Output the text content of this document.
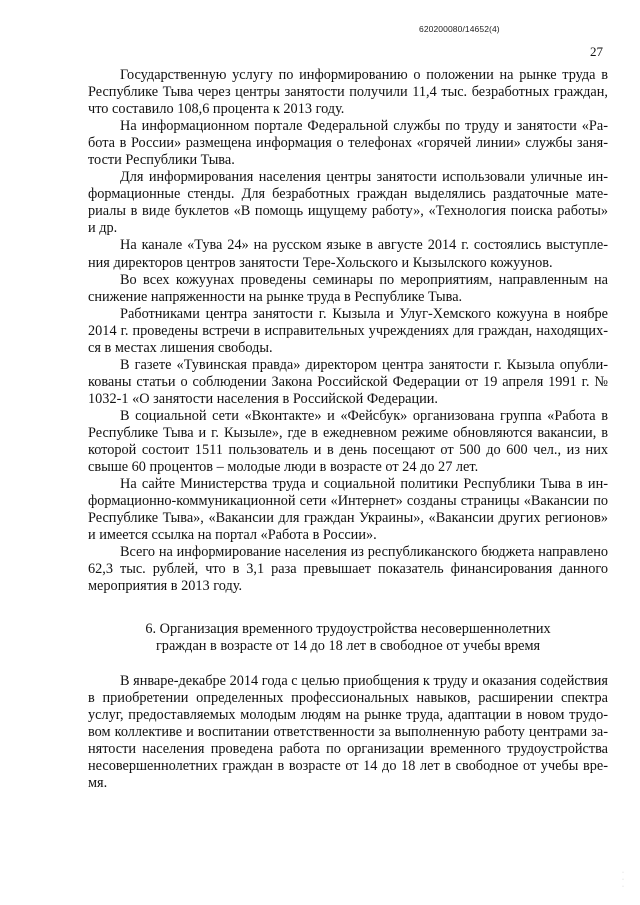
620200080/14652(4)
27

Государственную услугу по информированию о положении на рынке труда в Республике Тыва через центры занятости получили 11,4 тыс. безработных граждан, что составило 108,6 процента к 2013 году.

На информационном портале Федеральной службы по труду и занятости «Работа в России» размещена информация о телефонах «горячей линии» службы занятости Республики Тыва.

Для информирования населения центры занятости использовали уличные информационные стенды. Для безработных граждан выделялись раздаточные материалы в виде буклетов «В помощь ищущему работу», «Технология поиска работы» и др.

На канале «Тува 24» на русском языке в августе 2014 г. состоялись выступления директоров центров занятости Тере-Хольского и Кызылского кожуунов.

Во всех кожуунах проведены семинары по мероприятиям, направленным на снижение напряженности на рынке труда в Республике Тыва.

Работниками центра занятости г. Кызыла и Улуг-Хемского кожууна в ноябре 2014 г. проведены встречи в исправительных учреждениях для граждан, находящихся в местах лишения свободы.

В газете «Тувинская правда» директором центра занятости г. Кызыла опубликованы статьи о соблюдении Закона Российской Федерации от 19 апреля 1991 г. № 1032-1 «О занятости населения в Российской Федерации.

В социальной сети «Вконтакте» и «Фейсбук» организована группа «Работа в Республике Тыва и г. Кызыле», где в ежедневном режиме обновляются вакансии, в которой состоит 1511 пользователь и в день посещают от 500 до 600 чел., из них свыше 60 процентов – молодые люди в возрасте от 24 до 27 лет.

На сайте Министерства труда и социальной политики Республики Тыва в информационно-коммуникационной сети «Интернет» созданы страницы «Вакансии по Республике Тыва», «Вакансии для граждан Украины», «Вакансии других регионов» и имеется ссылка на портал «Работа в России».

Всего на информирование населения из республиканского бюджета направлено 62,3 тыс. рублей, что в 3,1 раза превышает показатель финансирования данного мероприятия в 2013 году.

6. Организация временного трудоустройства несовершеннолетних
граждан в возрасте от 14 до 18 лет в свободное от учебы время

В январе-декабре 2014 года с целью приобщения к труду и оказания содействия в приобретении определенных профессиональных навыков, расширении спектра услуг, предоставляемых молодым людям на рынке труда, адаптации в новом трудовом коллективе и воспитании ответственности за выполненную работу центрами занятости населения проведена работа по организации временного трудоустройства несовершеннолетних граждан в возрасте от 14 до 18 лет в свободное от учебы время.

·
·
·
